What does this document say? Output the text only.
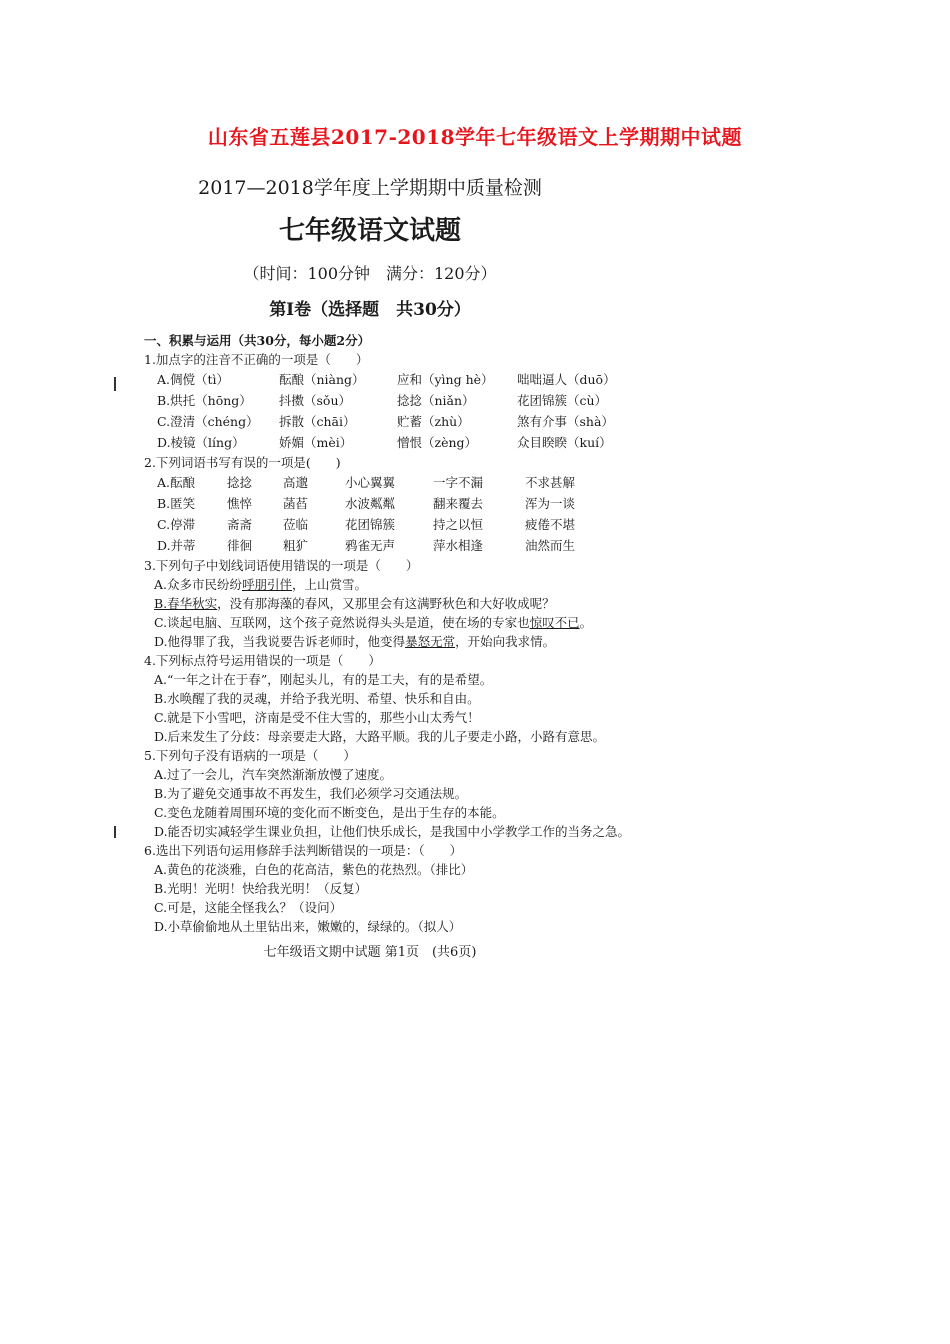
山东省五莲县2017-2018学年七年级语文上学期期中试题
2017—2018学年度上学期期中质量检测
七年级语文试题
（时间：100分钟　满分：120分）
第Ⅰ卷（选择题　共30分）
一、积累与运用（共30分，每小题2分）
1.加点字的注音不正确的一项是（　　）
A.倜傥（tì）	酝酿（niàng）	应和（yìng hè）	咄咄逼人（duō）
B.烘托（hōng）	抖擞（sǒu）	捻捻（niǎn）	花团锦簇（cù）
C.澄清（chéng）	拆散（chāi）	贮蓄（zhù）	煞有介事（shà）
D.棱镜（líng）	娇媚（mèi）	憎恨（zèng）	众目睽睽（kuí）
2.下列词语书写有误的一项是(　　)
A.酝酿	捻捻	高邈	小心翼翼	一字不漏	不求甚解
B.匿笑	憔悴	菡萏	水波粼粼	翻来覆去	浑为一谈
C.停滞	斋斋	莅临	花团锦簇	持之以恒	疲倦不堪
D.并蒂	徘徊	粗犷	鸦雀无声	萍水相逢	油然而生
3.下列句子中划线词语使用错误的一项是（　　）
A.众多市民纷纷呼朋引伴，上山赏雪。
B.春华秋实，没有那海藻的春风，又那里会有这满野秋色和大好收成呢？
C.谈起电脑、互联网，这个孩子竟然说得头头是道，使在场的专家也惊叹不已。
D.他得罪了我，当我说要告诉老师时，他变得暴怒无常，开始向我求情。
4.下列标点符号运用错误的一项是（　　）
A.“一年之计在于春”，刚起头儿，有的是工夫，有的是希望。
B.水唤醒了我的灵魂，并给予我光明、希望、快乐和自由。
C.就是下小雪吧，济南是受不住大雪的，那些小山太秀气！
D.后来发生了分歧：母亲要走大路，大路平顺。我的儿子要走小路，小路有意思。
5.下列句子没有语病的一项是（　　）
A.过了一会儿，汽车突然渐渐放慢了速度。
B.为了避免交通事故不再发生，我们必须学习交通法规。
C.变色龙随着周围环境的变化而不断变色，是出于生存的本能。
D.能否切实减轻学生课业负担，让他们快乐成长，是我国中小学教学工作的当务之急。
6.选出下列语句运用修辞手法判断错误的一项是：（　　）
A.黄色的花淡雅，白色的花高洁，紫色的花热烈。（排比）
B.光明！光明！快给我光明！（反复）
C.可是，这能全怪我么？（设问）
D.小草偷偷地从土里钻出来，嫩嫩的，绿绿的。（拟人）
七年级语文期中试题 第1页　(共6页)
